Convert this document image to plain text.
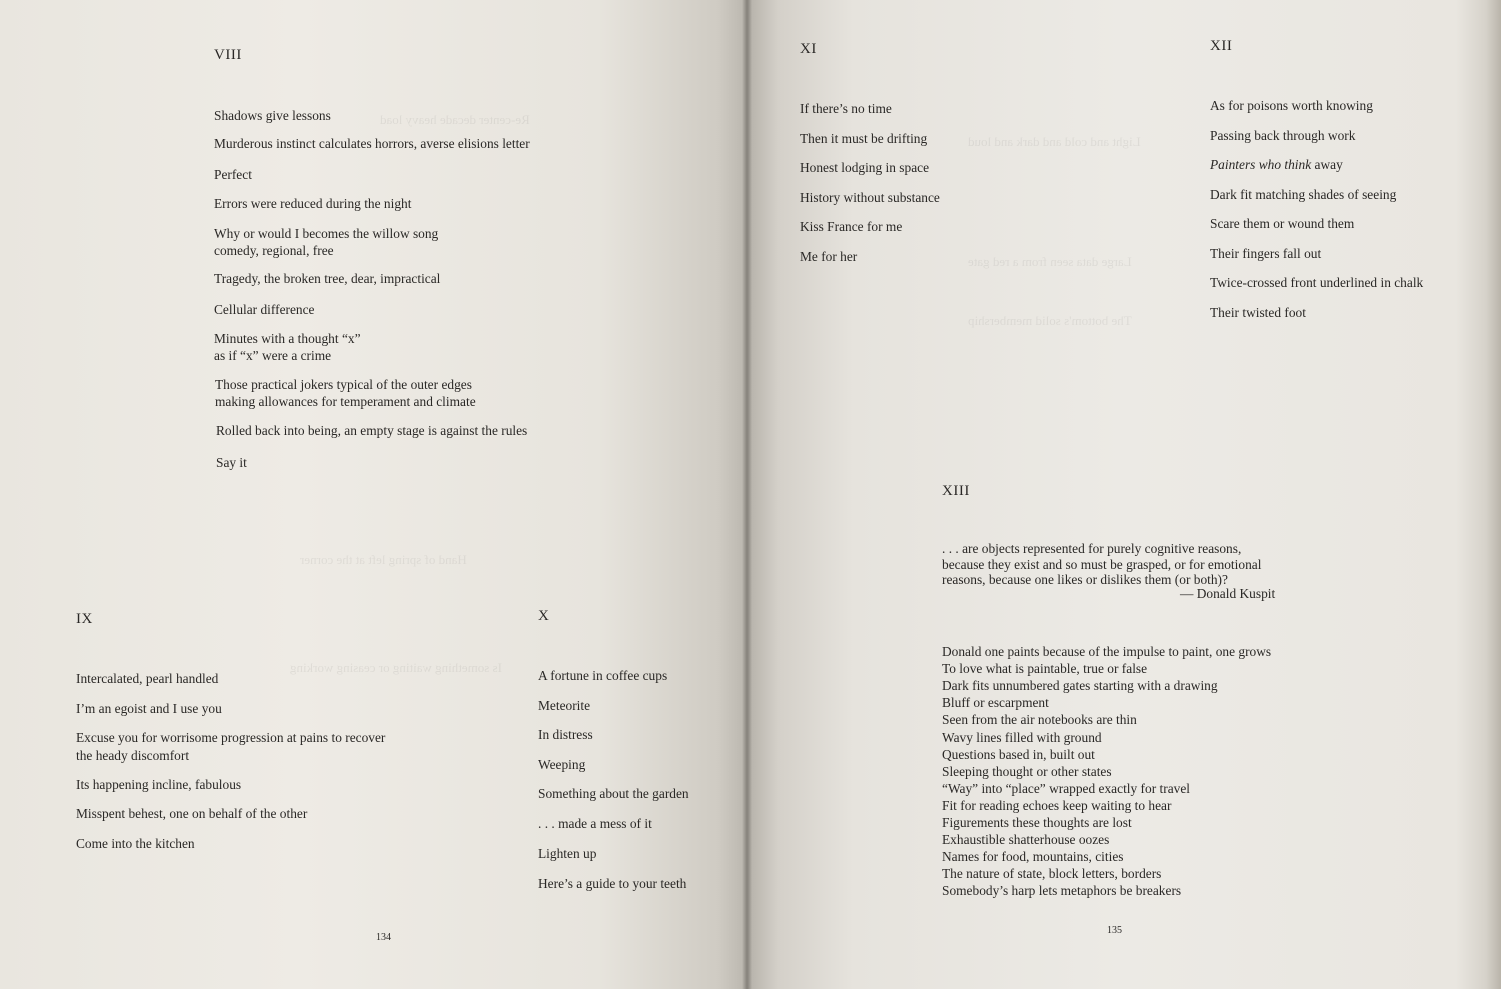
Re-center decade heavy load
Hand of spring left at the corner
Is something waiting or ceasing working
VIII
Shadows give lessons
Murderous instinct calculates horrors, averse elisions letter
Perfect
Errors were reduced during the night
Why or would I becomes the willow song
comedy, regional, free
Tragedy, the broken tree, dear, impractical
Cellular difference
Minutes with a thought “x”
as if “x” were a crime
Those practical jokers typical of the outer edges
making allowances for temperament and climate
Rolled back into being, an empty stage is against the rules
Say it
IX
Intercalated, pearl handled
I’m an egoist and I use you
Excuse you for worrisome progression at pains to recover
the heady discomfort
Its happening incline, fabulous
Misspent behest, one on behalf of the other
Come into the kitchen
X
A fortune in coffee cups
Meteorite
In distress
Weeping
Something about the garden
. . . made a mess of it
Lighten up
Here’s a guide to your teeth
134
Light and cold and dark and loud
Large data seen from a red gate
The bottom's solid membership
XI
If there’s no time
Then it must be drifting
Honest lodging in space
History without substance
Kiss France for me
Me for her
XII
As for poisons worth knowing
Passing back through work
Painters who think away
Dark fit matching shades of seeing
Scare them or wound them
Their fingers fall out
Twice-crossed front underlined in chalk
Their twisted foot
XIII
. . . are objects represented for purely cognitive reasons,
because they exist and so must be grasped, or for emotional
reasons, because one likes or dislikes them (or both)?
— Donald Kuspit
Donald one paints because of the impulse to paint, one grows
To love what is paintable, true or false
Dark fits unnumbered gates starting with a drawing
Bluff or escarpment
Seen from the air notebooks are thin
Wavy lines filled with ground
Questions based in, built out
Sleeping thought or other states
“Way” into “place” wrapped exactly for travel
Fit for reading echoes keep waiting to hear
Figurements these thoughts are lost
Exhaustible shatterhouse oozes
Names for food, mountains, cities
The nature of state, block letters, borders
Somebody’s harp lets metaphors be breakers
135
